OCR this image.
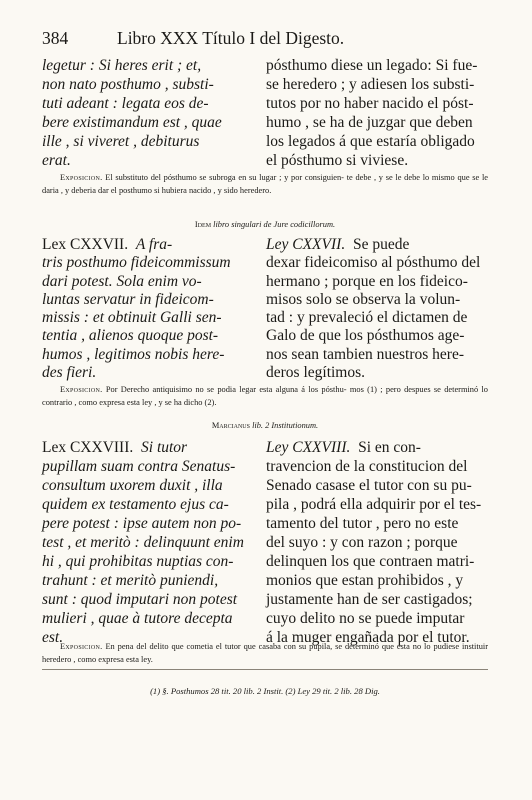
384	Libro XXX Título I del Digesto.

legetur : Si heres erit ; et,

non nato posthumo , substi-

tuti adeant : legata eos de-

bere existimandum est , quae

ille , si viveret , debiturus

erat.

pósthumo diese un legado: Si fue-

se heredero ; y adiesen los substi-

tutos por no haber nacido el póst-

humo , se ha de juzgar que deben

los legados á que estaría obligado

el pósthumo si viviese.

Exposicion. El substituto del pósthumo se subroga en su lugar ; y por consiguien- te debe , y se le debe lo mismo que se le daria , y deberia dar el posthumo si hubiera nacido , y sido heredero.
Idem libro singulari de Jure codicillorum.

Lex CXXVII. A fra-

tris posthumo fideicommissum

dari potest. Sola enim vo-

luntas servatur in fideicom-

missis : et obtinuit Galli sen-

tentia , alienos quoque post-

humos , legitimos nobis here-

des fieri.

Ley CXXVII. Se puede

dexar fideicomiso al pósthumo del

hermano ; porque en los fideico-

misos solo se observa la volun-

tad : y prevaleció el dictamen de

Galo de que los pósthumos age-

nos sean tambien nuestros here-

deros legítimos.

Exposicion. Por Derecho antiquisimo no se podia legar esta alguna á los pósthu- mos (1) ; pero despues se determinó lo contrario , como expresa esta ley , y se ha dicho (2).
Marcianus lib. 2 Institutionum.

Lex CXXVIII. Si tutor

pupillam suam contra Senatus-

consultum uxorem duxit , illa

quidem ex testamento ejus ca-

pere potest : ipse autem non po-

test , et meritò : delinquunt enim

hi , qui prohibitas nuptias con-

trahunt : et meritò puniendi,

sunt : quod imputari non potest

mulieri , quae à tutore decepta

est.

Ley CXXVIII. Si en con-

travencion de la constitucion del

Senado casase el tutor con su pu-

pila , podrá ella adquirir por el tes-

tamento del tutor , pero no este

del suyo : y con razon ; porque

delinquen los que contraen matri-

monios que estan prohibidos , y

justamente han de ser castigados;

cuyo delito no se puede imputar

á la muger engañada por el tutor.

Exposicion. En pena del delito que cometia el tutor que casaba con su pupila, se determinó que esta no lo pudiese instituir heredero , como expresa esta ley.
(1) §. Posthumos 28 tit. 20 lib. 2 Instit. (2) Ley 29 tit. 2 lib. 28 Dig.
